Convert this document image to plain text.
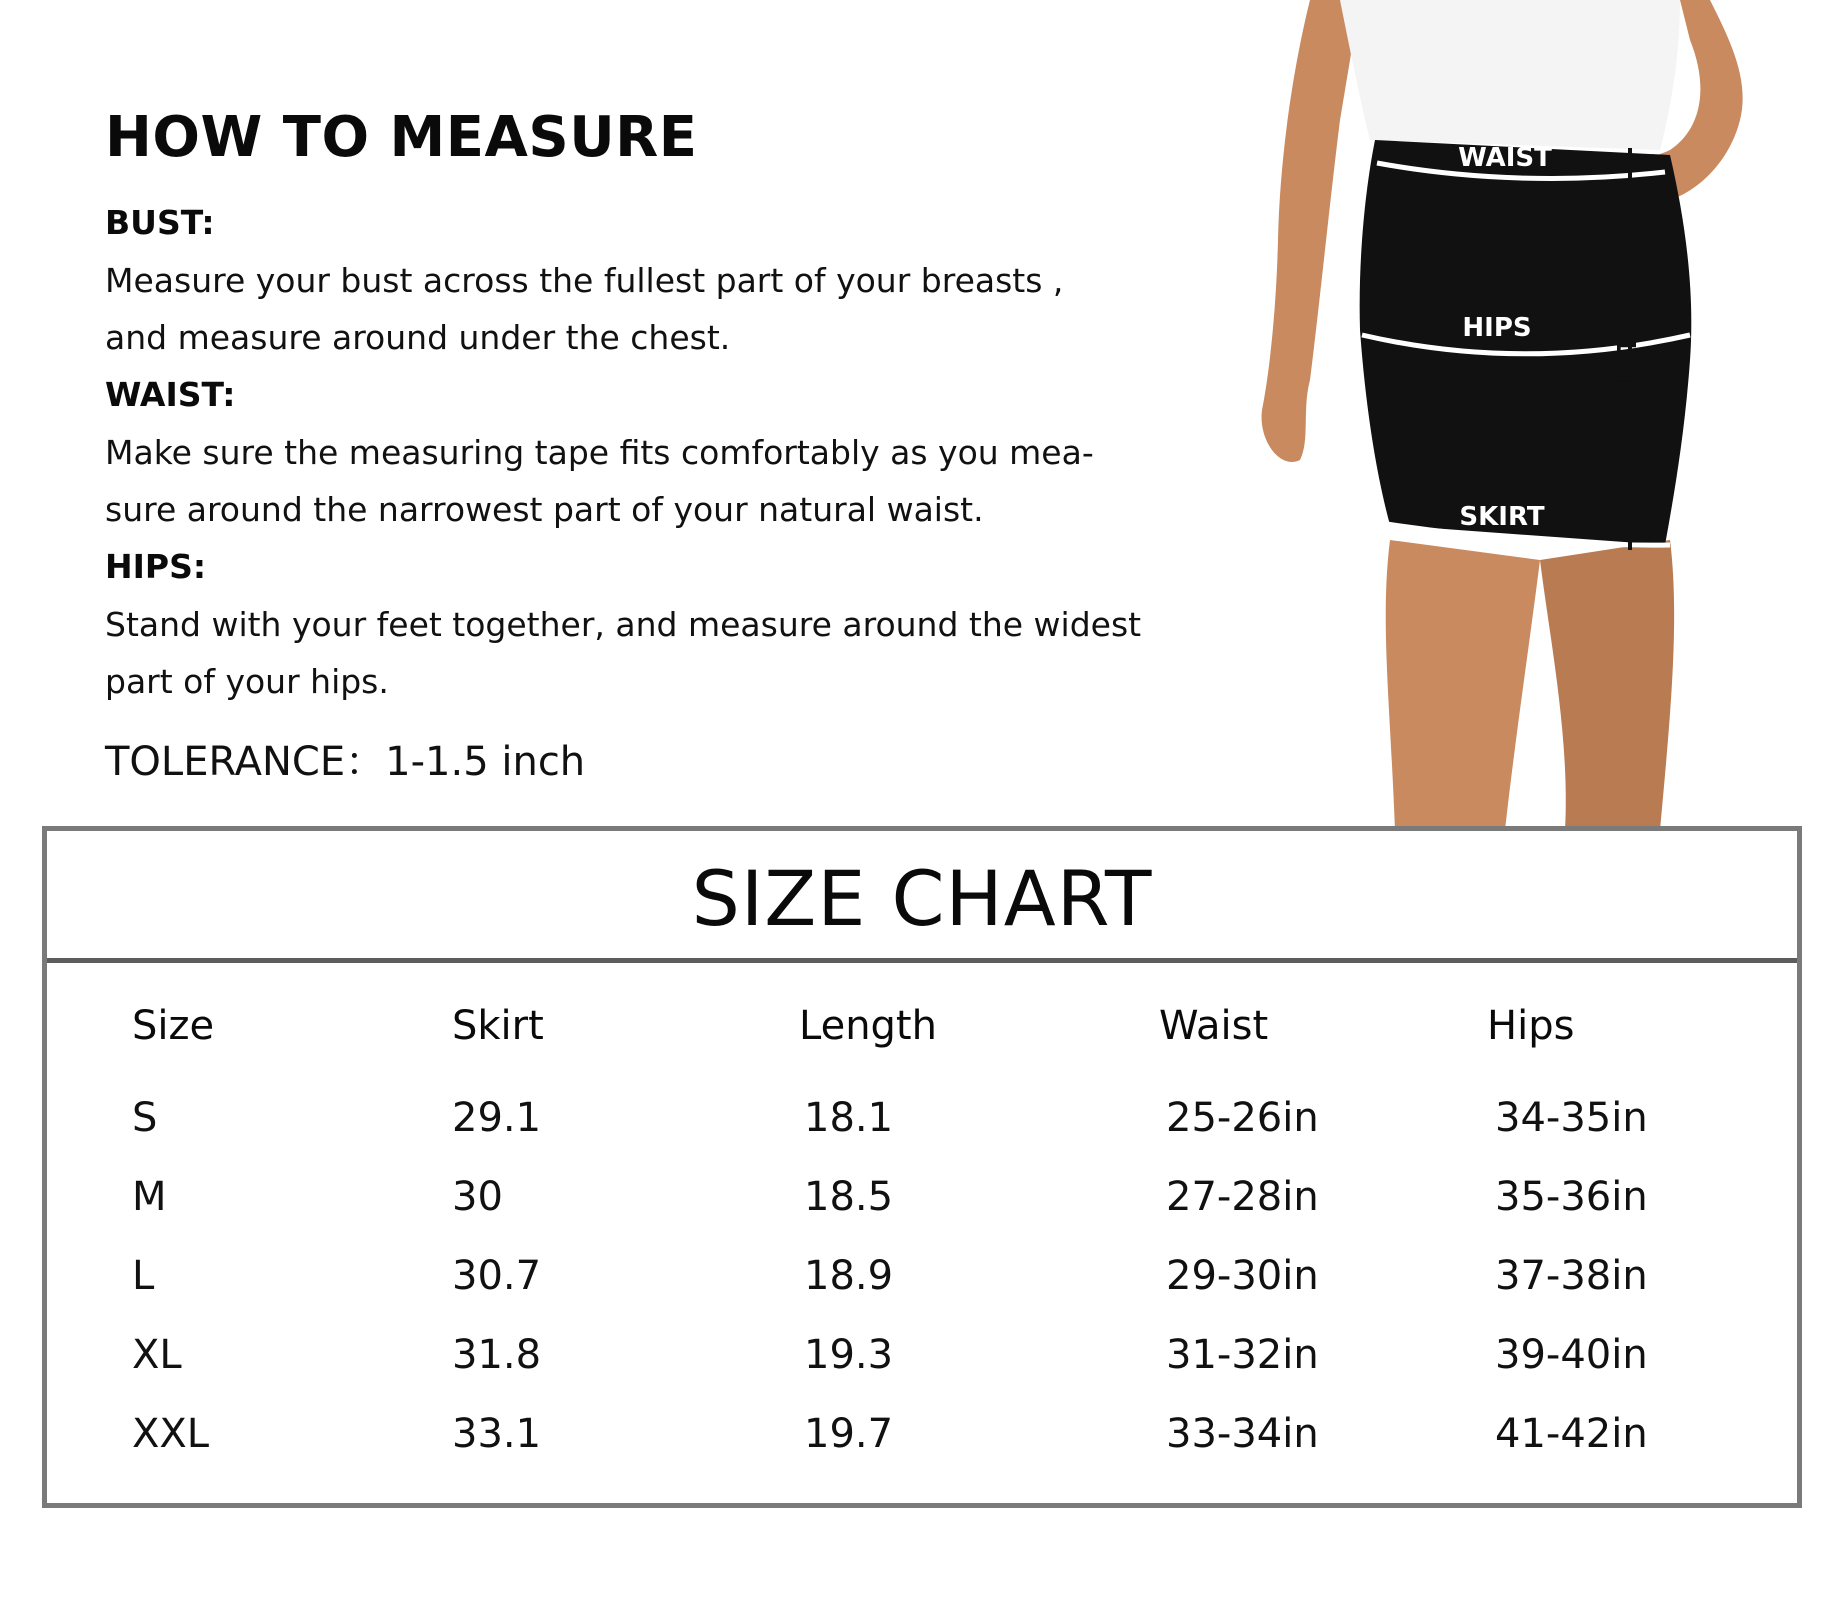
HOW TO MEASURE
BUST:
Measure your bust across the fullest part of your breasts ,
and measure around under the chest.
WAIST:
Make sure the measuring tape fits comfortably as you mea-
sure around the narrowest part of your natural waist.
HIPS:
Stand with your feet together, and measure around the widest
part of your hips.
TOLERANCE：1-1.5 inch
WAIST
HIPS
SKIRT
LENGTH
SIZE CHART
Size	Skirt	Length	Waist	Hips
S	29.1	18.1	25-26in	34-35in
M	30	18.5	27-28in	35-36in
L	30.7	18.9	29-30in	37-38in
XL	31.8	19.3	31-32in	39-40in
XXL	33.1	19.7	33-34in	41-42in
